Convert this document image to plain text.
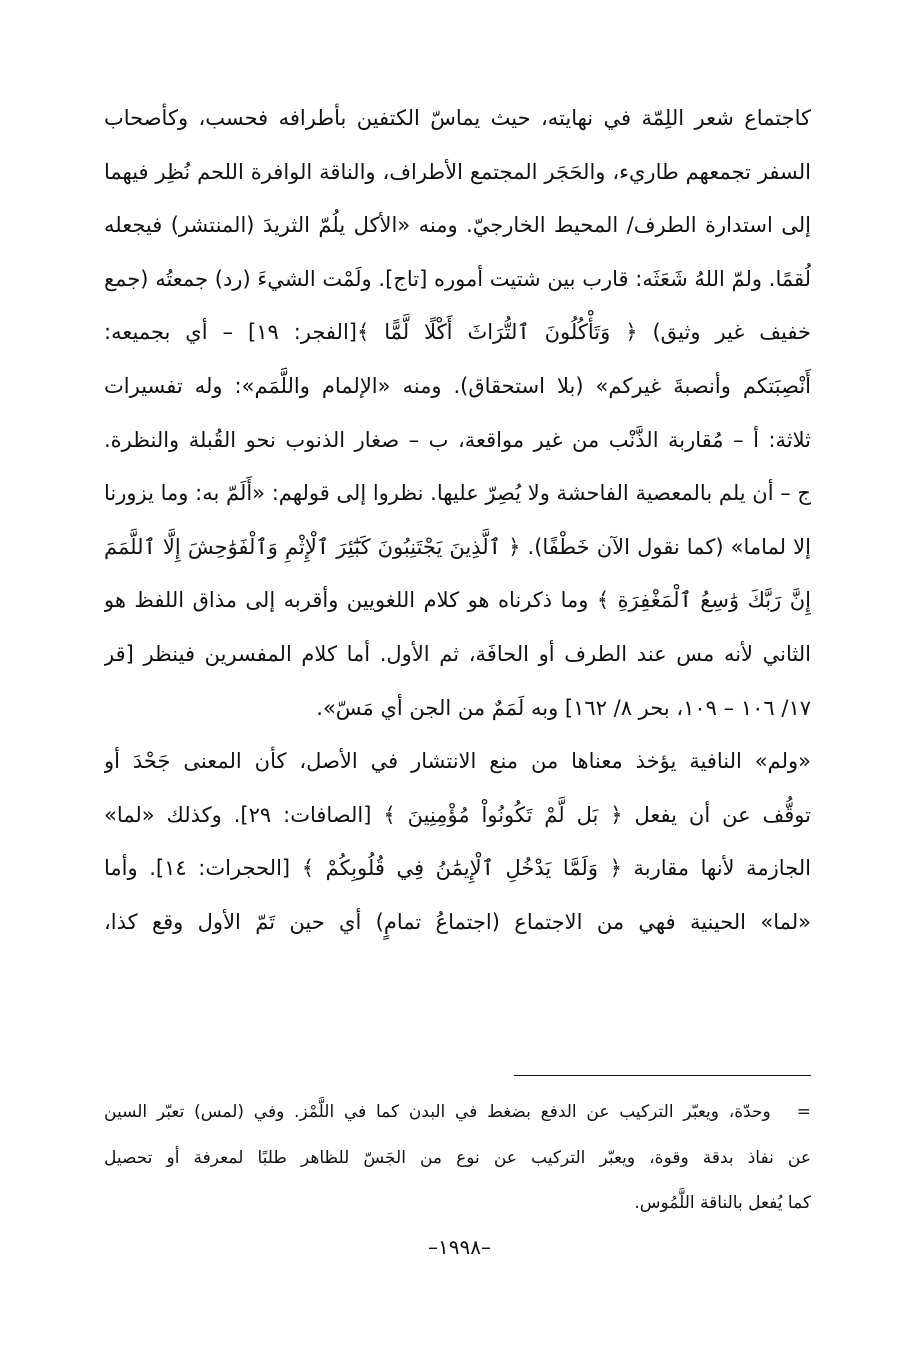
كاجتماع شعر اللِمّة في نهايته، حيث يماسّ الكتفين بأطرافه فحسب، وكأصحاب
السفر تجمعهم طاريء، والحَجَر المجتمع الأطراف، والناقة الوافرة اللحم نُظِر فيهما
إلى استدارة الطرف/ المحيط الخارجيّ. ومنه «الأكل يلُمّ الثريدَ (المنتشر) فيجعله
لُقمًا. ولمّ اللهُ شَعَثَه: قارب بين شتيت أموره [تاج]. ولَمْت الشيءَ (رد) جمعتُه (جمع
خفيف غير وثيق) ﴿ وَتَأْكُلُونَ ٱلتُّرَاثَ أَكْلًا لَّمًّا ﴾[الفجر: ١٩] – أي بجميعه:
أَنْصِبَتكم وأنصبةَ غيركم» (بلا استحقاق). ومنه «الإلمام واللَّمَم»: وله تفسيرات
ثلاثة: أ – مُقاربة الذَّنْب من غير مواقعة، ب – صغار الذنوب نحو القُبلة والنظرة.
ج – أن يلم بالمعصية الفاحشة ولا يُصِرّ عليها. نظروا إلى قولهم: «أَلَمّ به: وما يزورنا
إلا لماما» (كما نقول الآن خَطْفًا). ﴿ ٱلَّذِينَ يَجْتَنِبُونَ كَبَٰٓئِرَ ٱلْإِثْمِ وَٱلْفَوَٰحِشَ إِلَّا ٱللَّمَمَ
إِنَّ رَبَّكَ وَٰسِعُ ٱلْمَغْفِرَةِ ﴾ وما ذكرناه هو كلام اللغويين وأقربه إلى مذاق اللفظ هو
الثاني لأنه مس عند الطرف أو الحافَة، ثم الأول. أما كلام المفسرين فينظر [قر
١٧/ ١٠٦ – ١٠٩، بحر ٨/ ١٦٢] وبه لَمَمٌ من الجن أي مَسّ».
«ولم» النافية يؤخذ معناها من منع الانتشار في الأصل، كأن المعنى جَحْدَ أو
توقُّف عن أن يفعل ﴿ بَل لَّمْ تَكُونُواْ مُؤْمِنِينَ ﴾ [الصافات: ٢٩]. وكذلك «لما»
الجازمة لأنها مقاربة ﴿ وَلَمَّا يَدْخُلِ ٱلْإِيمَٰنُ فِي قُلُوبِكُمْ ﴾ [الحجرات: ١٤]. وأما
«لما» الحينية فهي من الاجتماع (اجتماعُ تمامٍ) أي حين تَمّ الأول وقع كذا،
=وحدّة، ويعبّر التركيب عن الدفع بضغط في البدن كما في اللَّمْز. وفي (لمس) تعبّر السين
عن نفاذ بدقة وقوة، ويعبّر التركيب عن نوع من الجَسّ للظاهر طلبًا لمعرفة أو تحصيل
كما يُفعل بالناقة اللَّمُوس.
–١٩٩٨–
